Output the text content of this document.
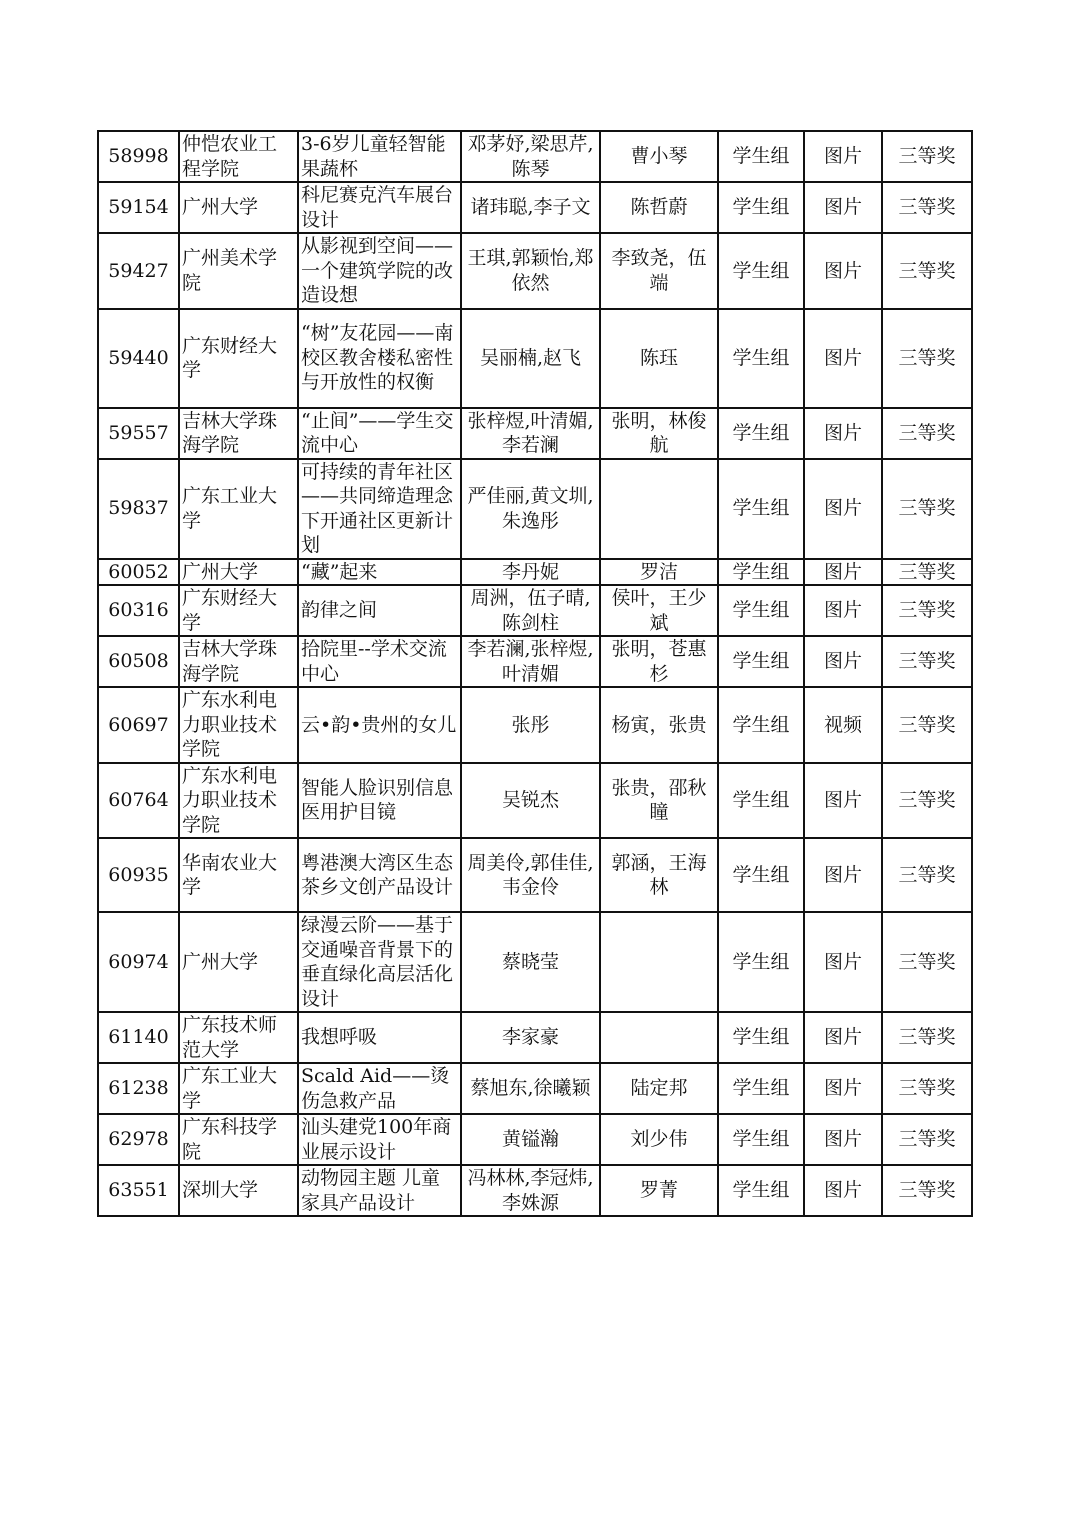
58998	仲恺农业工程学院	3-6岁儿童轻智能果蔬杯	邓茅妤,梁思芹,陈琴	曹小琴	学生组	图片	三等奖
59154	广州大学	科尼赛克汽车展台设计	诸玮聪,李子文	陈哲蔚	学生组	图片	三等奖
59427	广州美术学院	从影视到空间——一个建筑学院的改造设想	王琪,郭颖怡,郑依然	李致尧，伍端	学生组	图片	三等奖
59440	广东财经大学	“树”友花园——南校区教舍楼私密性与开放性的权衡	吴丽楠,赵飞	陈珏	学生组	图片	三等奖
59557	吉林大学珠海学院	“止间”——学生交流中心	张梓煜,叶清媚,李若澜	张明，林俊航	学生组	图片	三等奖
59837	广东工业大学	可持续的青年社区——共同缔造理念下开通社区更新计划	严佳丽,黄文圳,朱逸彤		学生组	图片	三等奖
60052	广州大学	“藏”起来	李丹妮	罗洁	学生组	图片	三等奖
60316	广东财经大学	韵律之间	周洲，伍子晴,陈剑柱	侯叶，王少斌	学生组	图片	三等奖
60508	吉林大学珠海学院	拾院里--学术交流中心	李若澜,张梓煜,叶清媚	张明，苍惠杉	学生组	图片	三等奖
60697	广东水利电力职业技术学院	云•韵•贵州的女儿	张彤	杨寅，张贵	学生组	视频	三等奖
60764	广东水利电力职业技术学院	智能人脸识别信息医用护目镜	吴锐杰	张贵，邵秋瞳	学生组	图片	三等奖
60935	华南农业大学	粤港澳大湾区生态茶乡文创产品设计	周美伶,郭佳佳,韦金伶	郭涵，王海林	学生组	图片	三等奖
60974	广州大学	绿漫云阶——基于交通噪音背景下的垂直绿化高层活化设计	蔡晓莹		学生组	图片	三等奖
61140	广东技术师范大学	我想呼吸	李家豪		学生组	图片	三等奖
61238	广东工业大学	Scald Aid——烫伤急救产品	蔡旭东,徐曦颖	陆定邦	学生组	图片	三等奖
62978	广东科技学院	汕头建党100年商业展示设计	黄镒瀚	刘少伟	学生组	图片	三等奖
63551	深圳大学	动物园主题 儿童家具产品设计	冯林林,李冠炜,李姝源	罗菁	学生组	图片	三等奖
